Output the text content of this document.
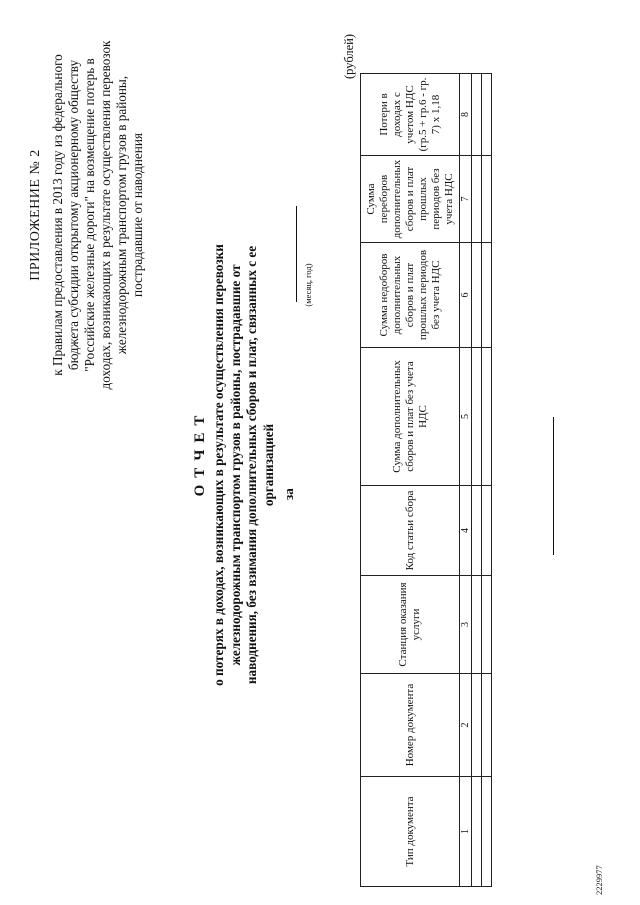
ПРИЛОЖЕНИЕ № 2 к Правилам предоставления в 2013 году из федерального бюджета субсидии открытому акционерному обществу "Российские железные дороги" на возмещение потерь в доходах, возникающих в результате осуществления перевозок железнодорожным транспортом грузов в районы, пострадавшие от наводнения
ОТЧЕТ о потерях в доходах, возникающих в результате осуществления перевозки железнодорожным транспортом грузов в районы, пострадавшие от наводнения, без взимания дополнительных сборов и плат, связанных с ее организацией за
(месяц, год)
(рублей)
Тип документа	Номер документа	Станция оказания услуги	Код статьи сбора	Сумма дополнительных сборов и плат без учета НДС	Сумма недоборов дополнительных сборов и плат прошлых периодов без учета НДС	Сумма переборов дополнительных сборов и плат прошлых периодов без учета НДС	Потери в доходах с учетом НДС (гр.5 + гр.6 - гр. 7) х 1,18
1	2	3	4	5	6	7	8

2229977
